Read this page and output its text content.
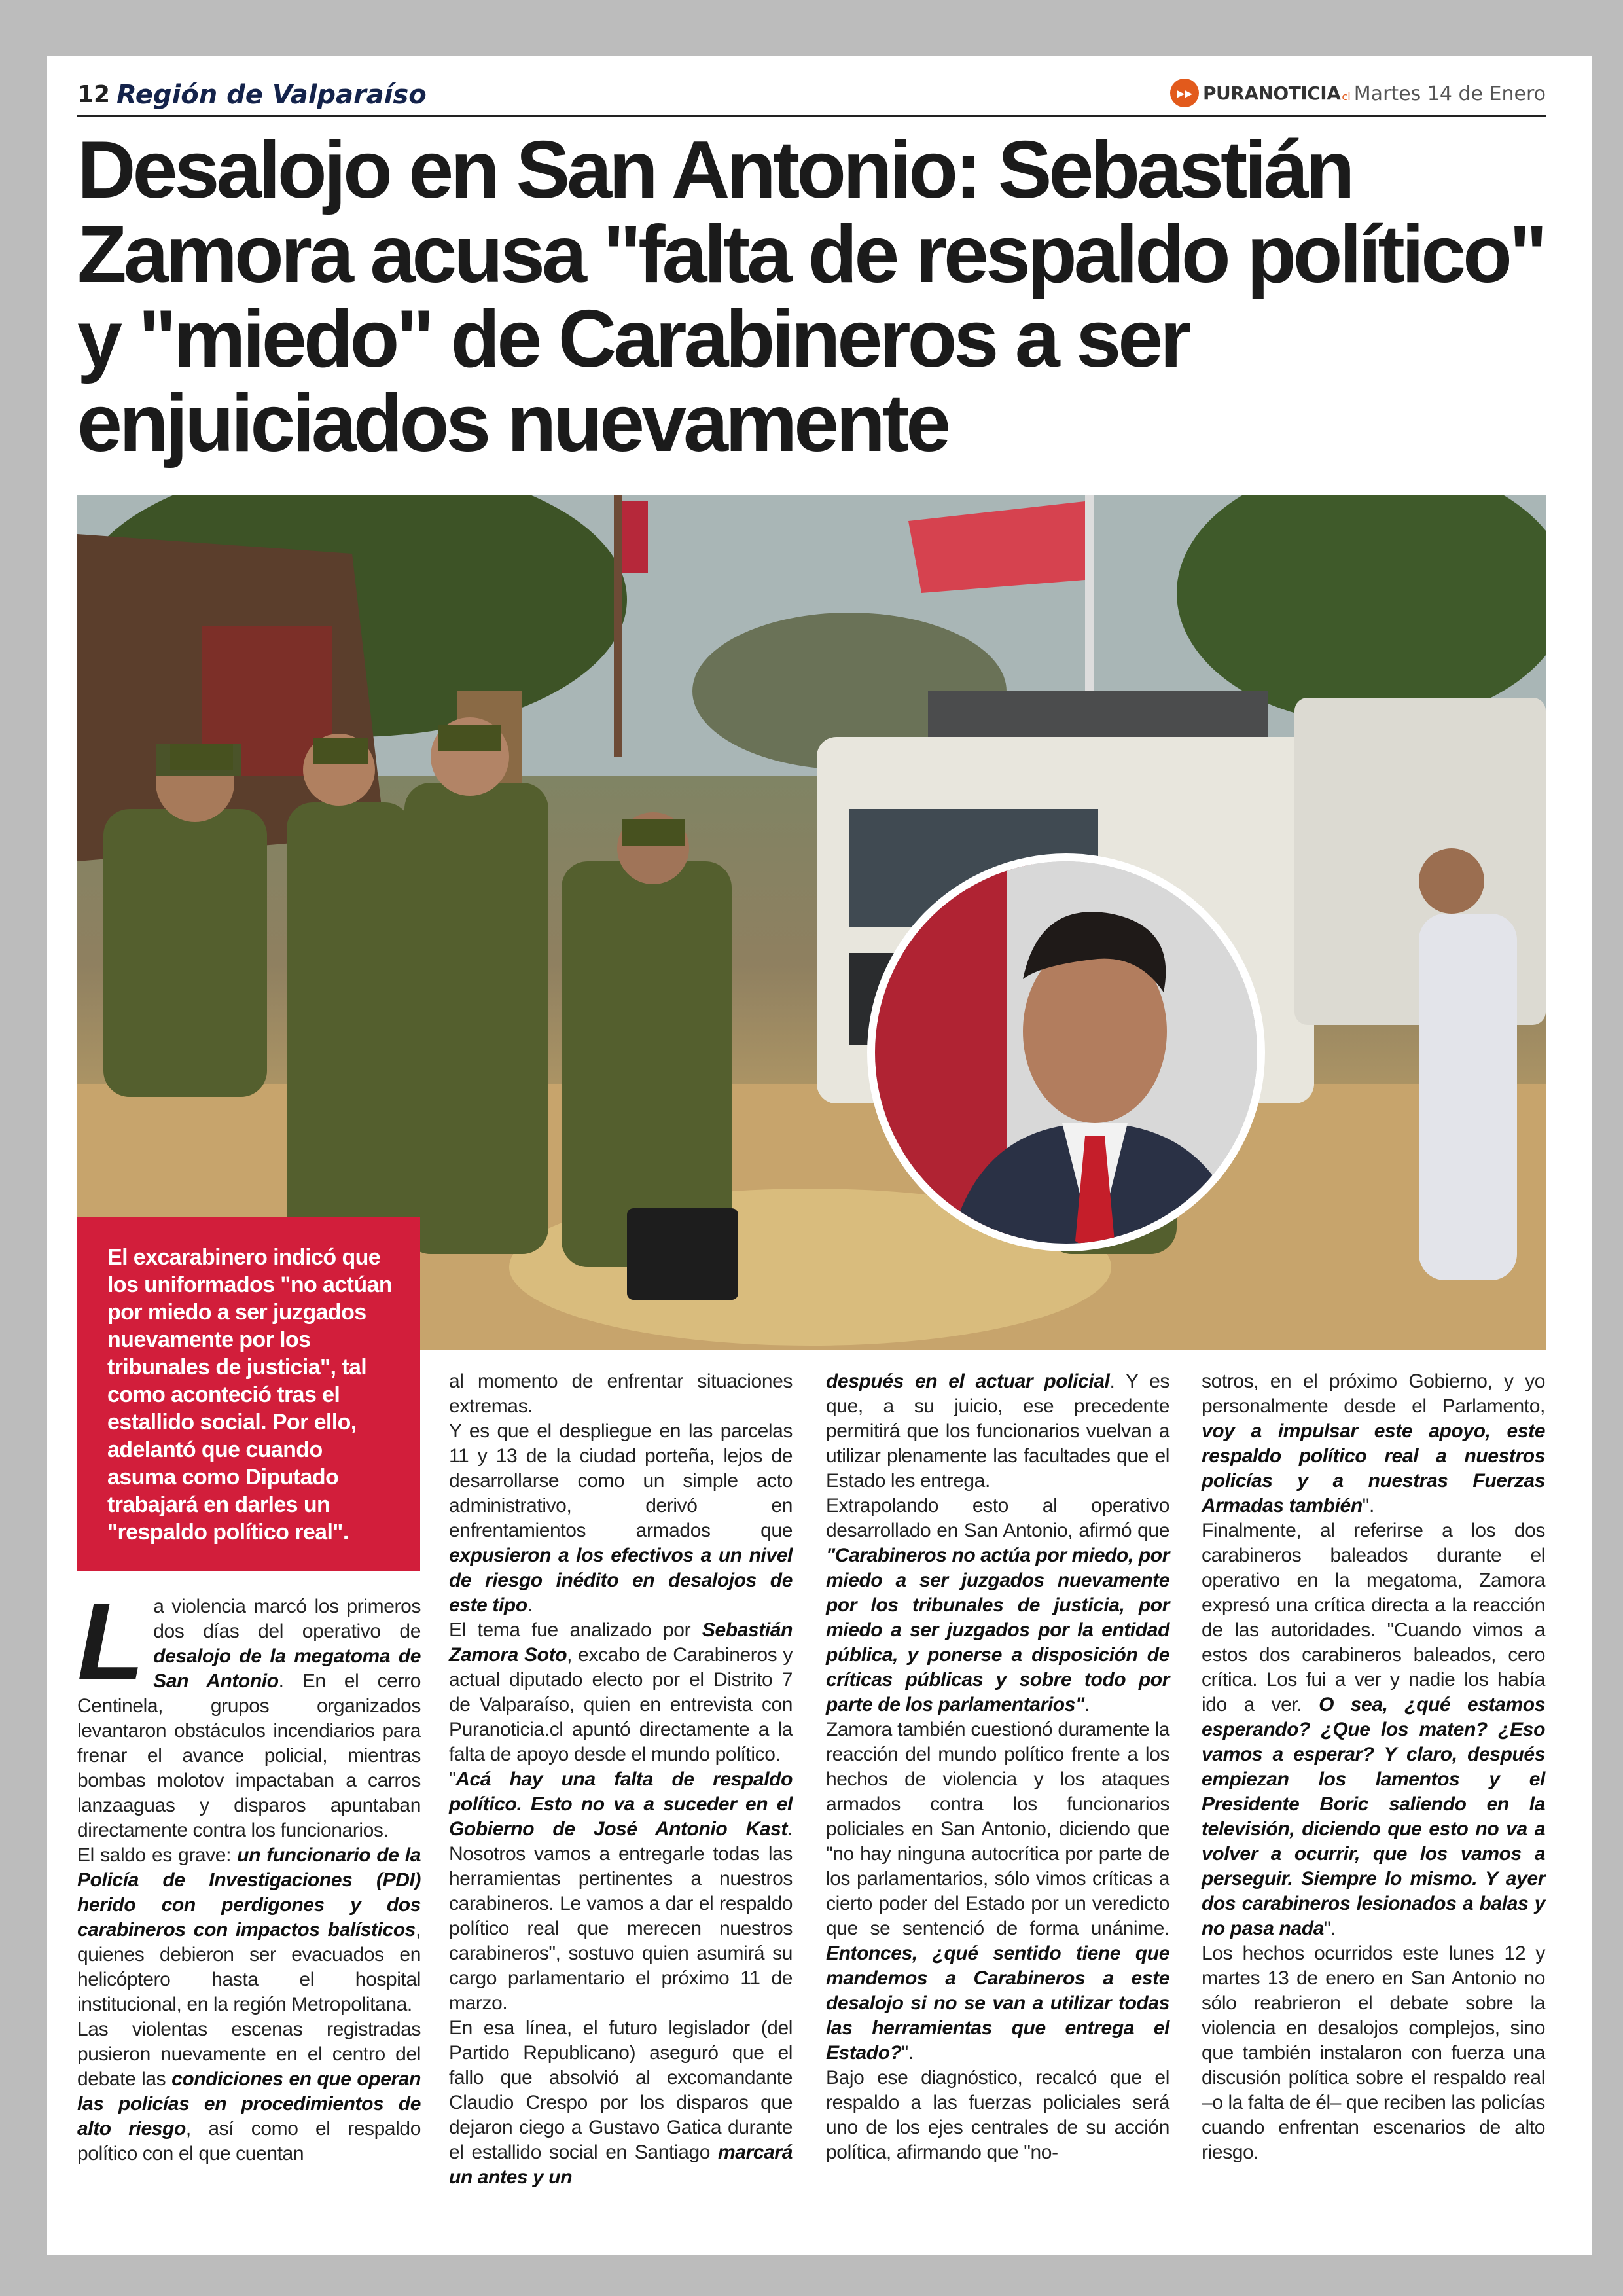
12 Región de Valparaíso	▸▸ PURANOTICIA cl Martes 14 de Enero
Desalojo en San Antonio: Sebastián Zamora acusa "falta de respaldo político" y "miedo" de Carabineros a ser enjuiciados nuevamente
El excarabinero indicó que los uniformados "no actúan por miedo a ser juzgados nuevamente por los tribunales de justicia", tal como aconteció tras el estallido social. Por ello, adelantó que cuando asuma como Diputado trabajará en darles un "respaldo político real".
L a violencia marcó los primeros dos días del operativo de desalojo de la megatoma de San Antonio. En el cerro Centinela, grupos organizados levantaron obstáculos incendiarios para frenar el avance policial, mientras bombas molotov impactaban a carros lanzaaguas y disparos apuntaban directamente contra los funcionarios.
El saldo es grave: un funcionario de la Policía de Investigaciones (PDI) herido con perdigones y dos carabineros con impactos balísticos, quienes debieron ser evacuados en helicóptero hasta el hospital institucional, en la región Metropolitana.
Las violentas escenas registradas pusieron nuevamente en el centro del debate las condiciones en que operan las policías en procedimientos de alto riesgo, así como el respaldo político con el que cuentan
al momento de enfrentar situaciones extremas.
Y es que el despliegue en las parcelas 11 y 13 de la ciudad porteña, lejos de desarrollarse como un simple acto administrativo, derivó en enfrentamientos armados que expusieron a los efectivos a un nivel de riesgo inédito en desalojos de este tipo.
El tema fue analizado por Sebastián Zamora Soto, excabo de Carabineros y actual diputado electo por el Distrito 7 de Valparaíso, quien en entrevista con Puranoticia.cl apuntó directamente a la falta de apoyo desde el mundo político.
"Acá hay una falta de respaldo político. Esto no va a suceder en el Gobierno de José Antonio Kast. Nosotros vamos a entregarle todas las herramientas pertinentes a nuestros carabineros. Le vamos a dar el respaldo político real que merecen nuestros carabineros", sostuvo quien asumirá su cargo parlamentario el próximo 11 de marzo.
En esa línea, el futuro legislador (del Partido Republicano) aseguró que el fallo que absolvió al excomandante Claudio Crespo por los disparos que dejaron ciego a Gustavo Gatica durante el estallido social en Santiago marcará un antes y un
después en el actuar policial. Y es que, a su juicio, ese precedente permitirá que los funcionarios vuelvan a utilizar plenamente las facultades que el Estado les entrega.
Extrapolando esto al operativo desarrollado en San Antonio, afirmó que "Carabineros no actúa por miedo, por miedo a ser juzgados nuevamente por los tribunales de justicia, por miedo a ser juzgados por la entidad pública, y ponerse a disposición de críticas públicas y sobre todo por parte de los parlamentarios".
Zamora también cuestionó duramente la reacción del mundo político frente a los hechos de violencia y los ataques armados contra los funcionarios policiales en San Antonio, diciendo que "no hay ninguna autocrítica por parte de los parlamentarios, sólo vimos críticas a cierto poder del Estado por un veredicto que se sentenció de forma unánime. Entonces, ¿qué sentido tiene que mandemos a Carabineros a este desalojo si no se van a utilizar todas las herramientas que entrega el Estado?".
Bajo ese diagnóstico, recalcó que el respaldo a las fuerzas policiales será uno de los ejes centrales de su acción política, afirmando que "no-
sotros, en el próximo Gobierno, y yo personalmente desde el Parlamento, voy a impulsar este apoyo, este respaldo político real a nuestros policías y a nuestras Fuerzas Armadas también".
Finalmente, al referirse a los dos carabineros baleados durante el operativo en la megatoma, Zamora expresó una crítica directa a la reacción de las autoridades. "Cuando vimos a estos dos carabineros baleados, cero crítica. Los fui a ver y nadie los había ido a ver. O sea, ¿qué estamos esperando? ¿Que los maten? ¿Eso vamos a esperar? Y claro, después empiezan los lamentos y el Presidente Boric saliendo en la televisión, diciendo que esto no va a volver a ocurrir, que los vamos a perseguir. Siempre lo mismo. Y ayer dos carabineros lesionados a balas y no pasa nada".
Los hechos ocurridos este lunes 12 y martes 13 de enero en San Antonio no sólo reabrieron el debate sobre la violencia en desalojos complejos, sino que también instalaron con fuerza una discusión política sobre el respaldo real –o la falta de él– que reciben las policías cuando enfrentan escenarios de alto riesgo.
